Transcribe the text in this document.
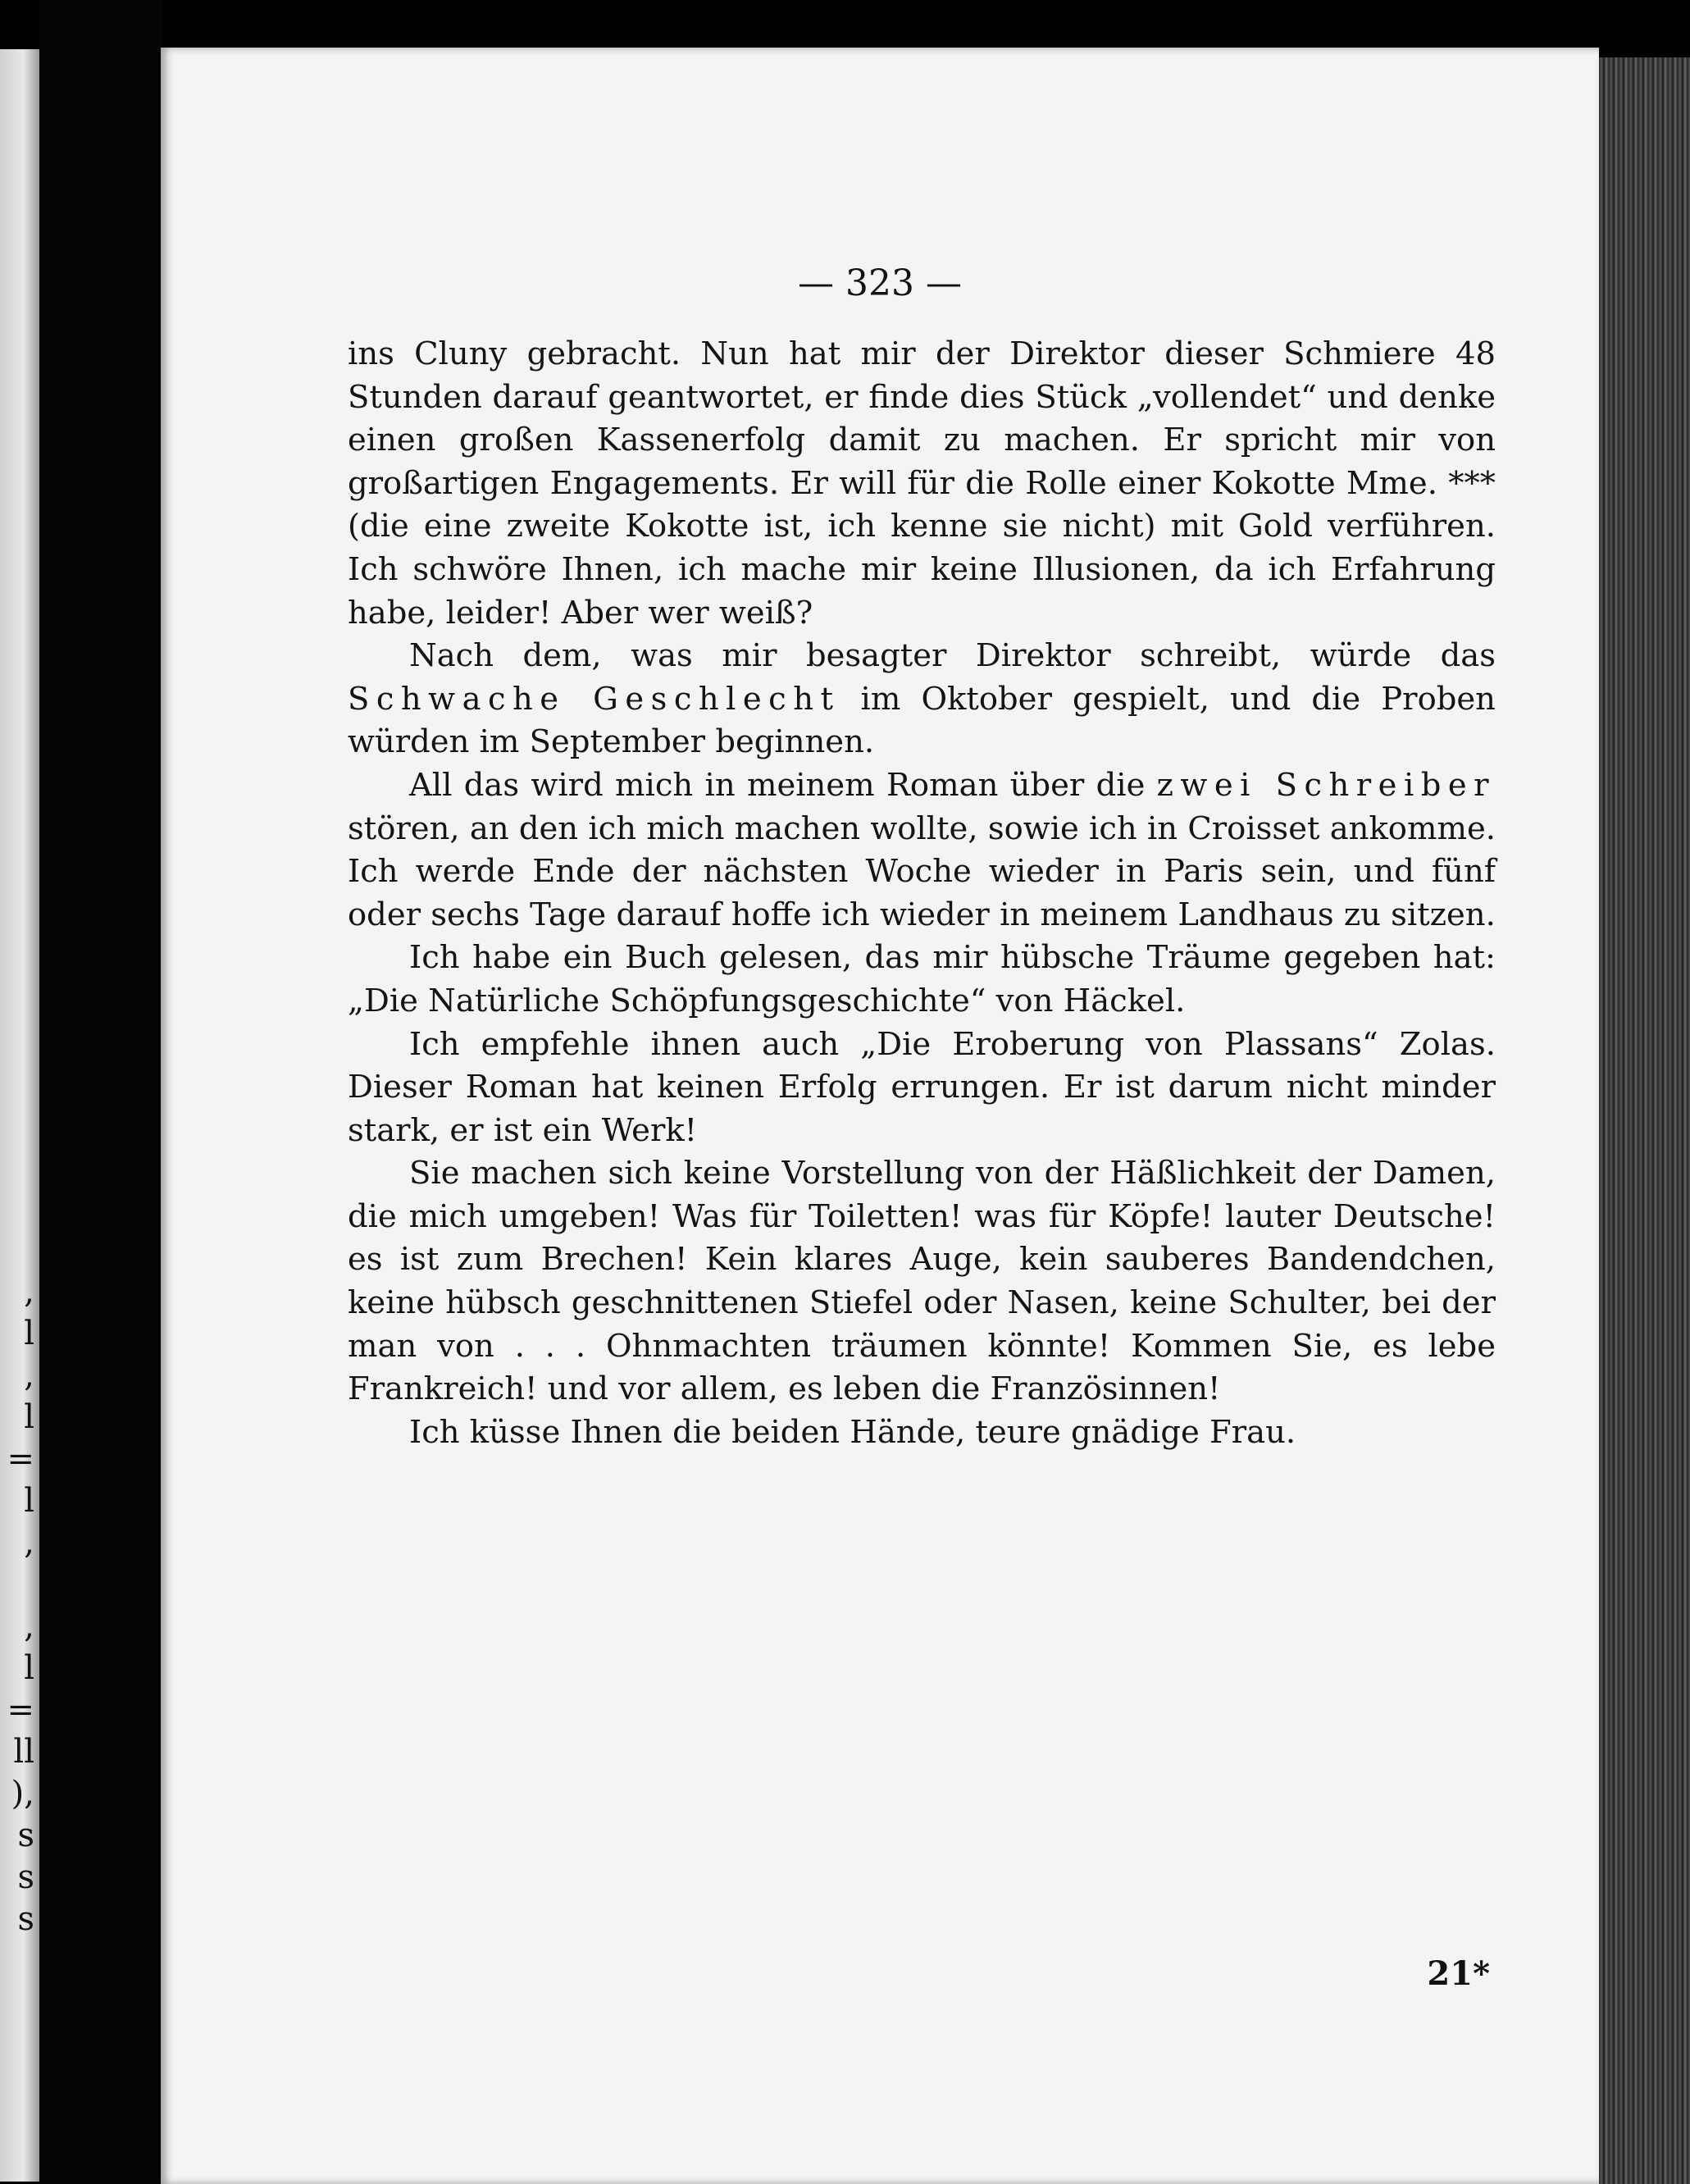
,
l
,
l
=
l
,
,
l
=
ll
),
s
s
s
— 323 —

ins Cluny gebracht. Nun hat mir der Direktor dieser Schmiere 48 Stunden darauf geantwortet, er finde dies Stück „vollendet“ und denke einen großen Kassenerfolg damit zu machen. Er spricht mir von großartigen Engagements. Er will für die Rolle einer Kokotte Mme. *** (die eine zweite Kokotte ist, ich kenne sie nicht) mit Gold verführen. Ich schwöre Ihnen, ich mache mir keine Illusionen, da ich Erfahrung habe, leider! Aber wer weiß?

Nach dem, was mir besagter Direktor schreibt, würde das Schwache Geschlecht im Oktober gespielt, und die Proben würden im September beginnen.

All das wird mich in meinem Roman über die zwei Schreiber stören, an den ich mich machen wollte, sowie ich in Croisset ankomme. Ich werde Ende der nächsten Woche wieder in Paris sein, und fünf oder sechs Tage darauf hoffe ich wieder in meinem Landhaus zu sitzen.

Ich habe ein Buch gelesen, das mir hübsche Träume gegeben hat: „Die Natürliche Schöpfungsgeschichte“ von Häckel.

Ich empfehle ihnen auch „Die Eroberung von Plassans“ Zolas. Dieser Roman hat keinen Erfolg errungen. Er ist darum nicht minder stark, er ist ein Werk!

Sie machen sich keine Vorstellung von der Häßlichkeit der Damen, die mich umgeben! Was für Toiletten! was für Köpfe! lauter Deutsche! es ist zum Brechen! Kein klares Auge, kein sauberes Bandendchen, keine hübsch geschnittenen Stiefel oder Nasen, keine Schulter, bei der man von . . . Ohnmachten träumen könnte! Kommen Sie, es lebe Frankreich! und vor allem, es leben die Französinnen!

Ich küsse Ihnen die beiden Hände, teure gnädige Frau.

21*
